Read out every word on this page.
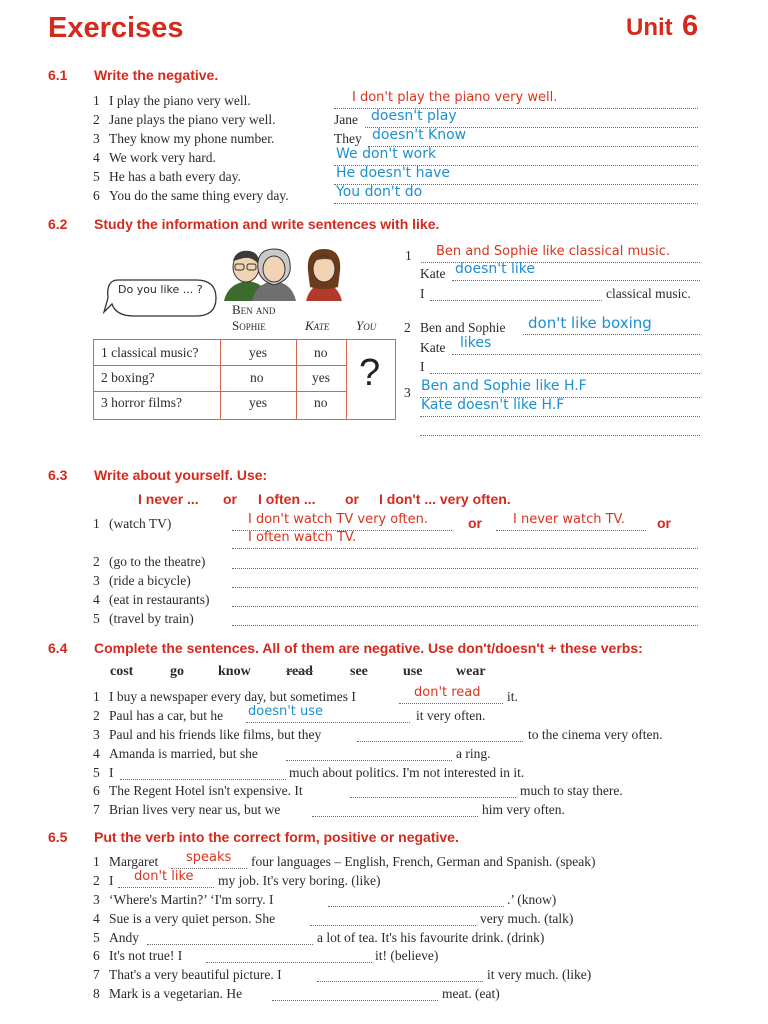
Exercises	Unit 6
6.1 Write the negative.
1 I play the piano very well.	I don't play the piano very well.
2 Jane plays the piano very well.	Jane doesn't play
3 They know my phone number.	They doesn't Know
4 We work very hard.	We don't work
5 He has a bath every day.	He doesn't have
6 You do the same thing every day.	You don't do
6.2 Study the information and write sentences with like.
Do you like ... ?
Ben and Sophie	Kate You
1 classical music?	yes	no
2 boxing?	no	yes
3 horror films?	yes	no
?
1 Ben and Sophie like classical music.
Kate doesn't like
I	classical music.
2 Ben and Sophie don't like boxing
Kate likes
I
3 Ben and Sophie like H.F
Kate doesn't like H.F
6.3 Write about yourself. Use:
I never ... or I often ... or I don't ... very often.
1 (watch TV)	I don't watch TV very often.	or I never watch TV. or
I often watch TV.
2 (go to the theatre)
3 (ride a bicycle)
4 (eat in restaurants)
5 (travel by train)
6.4 Complete the sentences. All of them are negative. Use don't/doesn't + these verbs:
cost	go know	read	see	use wear
1 I buy a newspaper every day, but sometimes I	don't read it.
2 Paul has a car, but he doesn't use	it very often.
3 Paul and his friends like films, but they	to the cinema very often.
4 Amanda is married, but she	a ring.
5 I	much about politics. I'm not interested in it.
6 The Regent Hotel isn't expensive. It	much to stay there.
7 Brian lives very near us, but we	him very often.
6.5 Put the verb into the correct form, positive or negative.
1 Margaret speaks four languages – English, French, German and Spanish. (speak)
2 I don't like my job. It's very boring. (like)
3 ‘Where's Martin?’ ‘I'm sorry. I	.’ (know)
4 Sue is a very quiet person. She	very much. (talk)
5 Andy	a lot of tea. It's his favourite drink. (drink)
6 It's not true! I	it! (believe)
7 That's a very beautiful picture. I	it very much. (like)
8 Mark is a vegetarian. He	meat. (eat)
